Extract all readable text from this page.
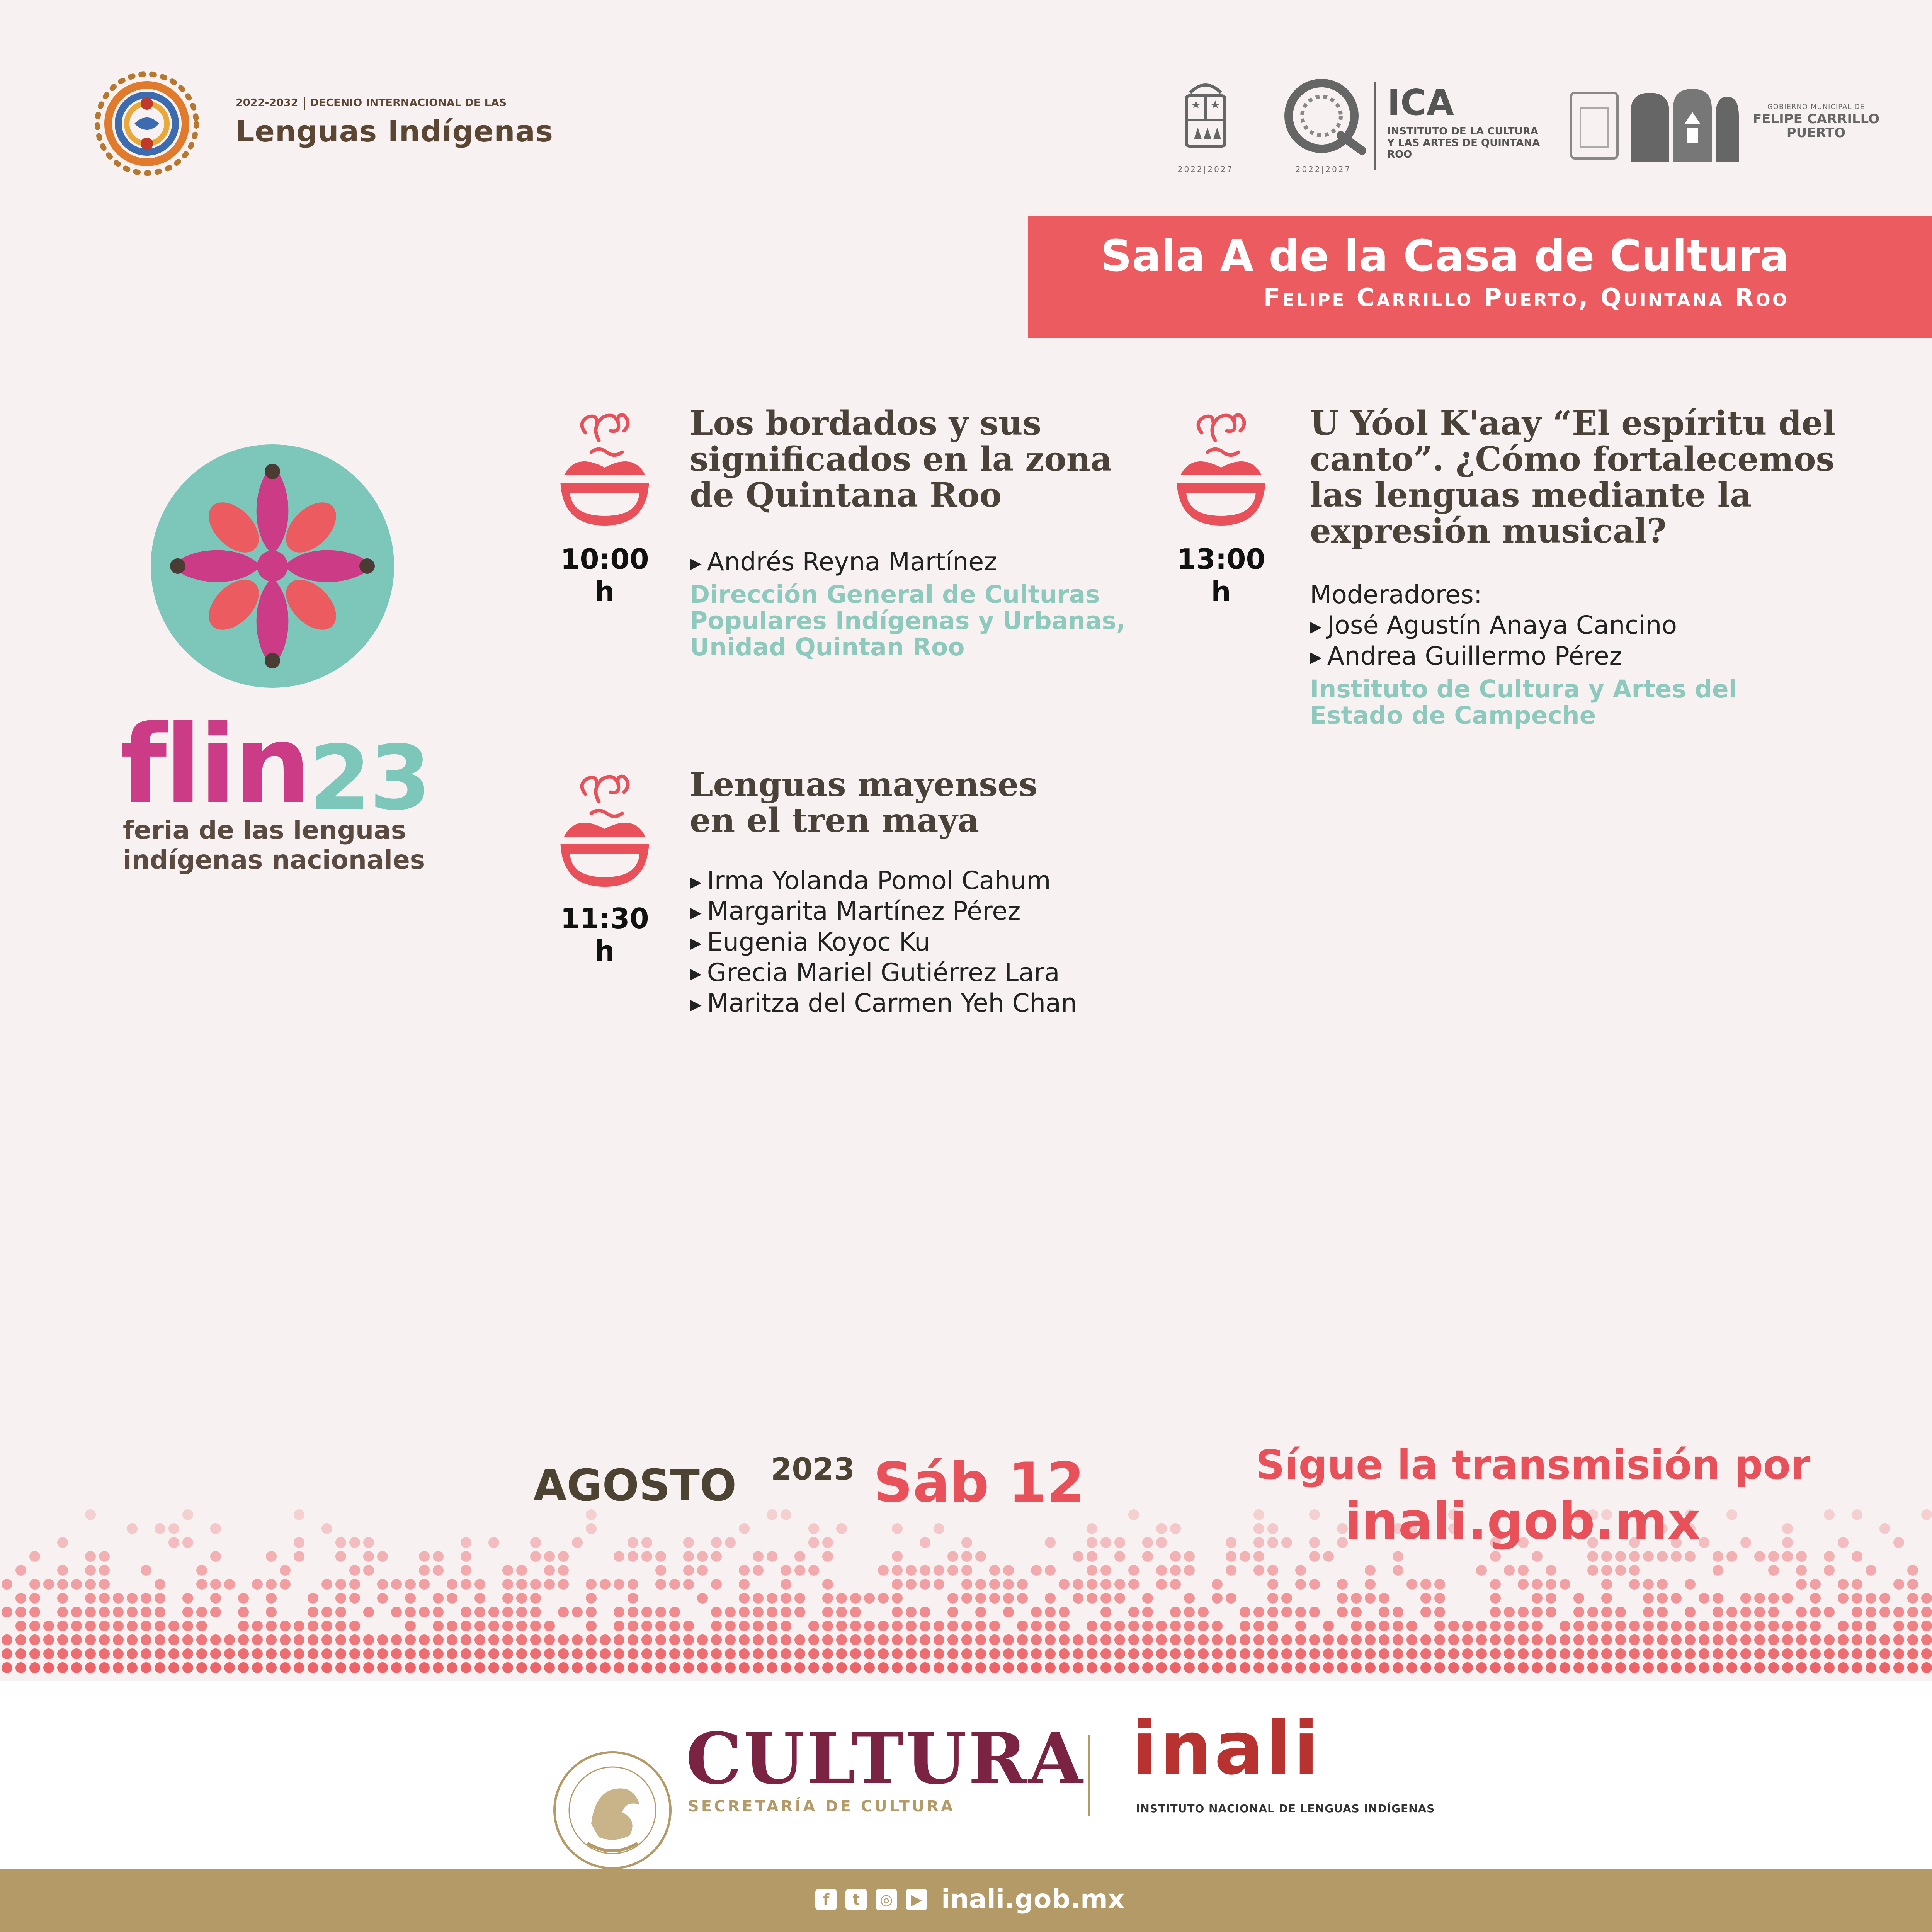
2022-2032 DECENIO INTERNACIONAL DE LAS
Lenguas Indígenas
2022|2027	2022|2027
ICA
INSTITUTO DE LA CULTURA Y LAS ARTES DE QUINTANA ROO
GOBIERNO MUNICIPAL DE
FELIPE CARRILLO PUERTO
Sala A de la Casa de Cultura
Felipe Carrillo Puerto, Quintana Roo
flin 23
feria de las lenguas
indígenas nacionales
10:00 h
Los bordados y sus
significados en la zona
de Quintana Roo
▶ Andrés Reyna Martínez
Dirección General de Culturas
Populares Indígenas y Urbanas,
Unidad Quintan Roo
11:30 h
Lenguas mayenses
en el tren maya
▶ Irma Yolanda Pomol Cahum
▶ Margarita Martínez Pérez
▶ Eugenia Koyoc Ku
▶ Grecia Mariel Gutiérrez Lara
▶ Maritza del Carmen Yeh Chan
13:00 h
U Yóol K'aay “El espíritu del
canto”. ¿Cómo fortalecemos
las lenguas mediante la
expresión musical?
Moderadores:
▶ José Agustín Anaya Cancino
▶ Andrea Guillermo Pérez
Instituto de Cultura y Artes del
Estado de Campeche
AGOSTO 2023 Sáb 12	Sígue la transmisión por
inali.gob.mx
CULTURA
SECRETARÍA DE CULTURA
inali
INSTITUTO NACIONAL DE LENGUAS INDÍGENAS
f	t	◎	▶ inali.gob.mx
